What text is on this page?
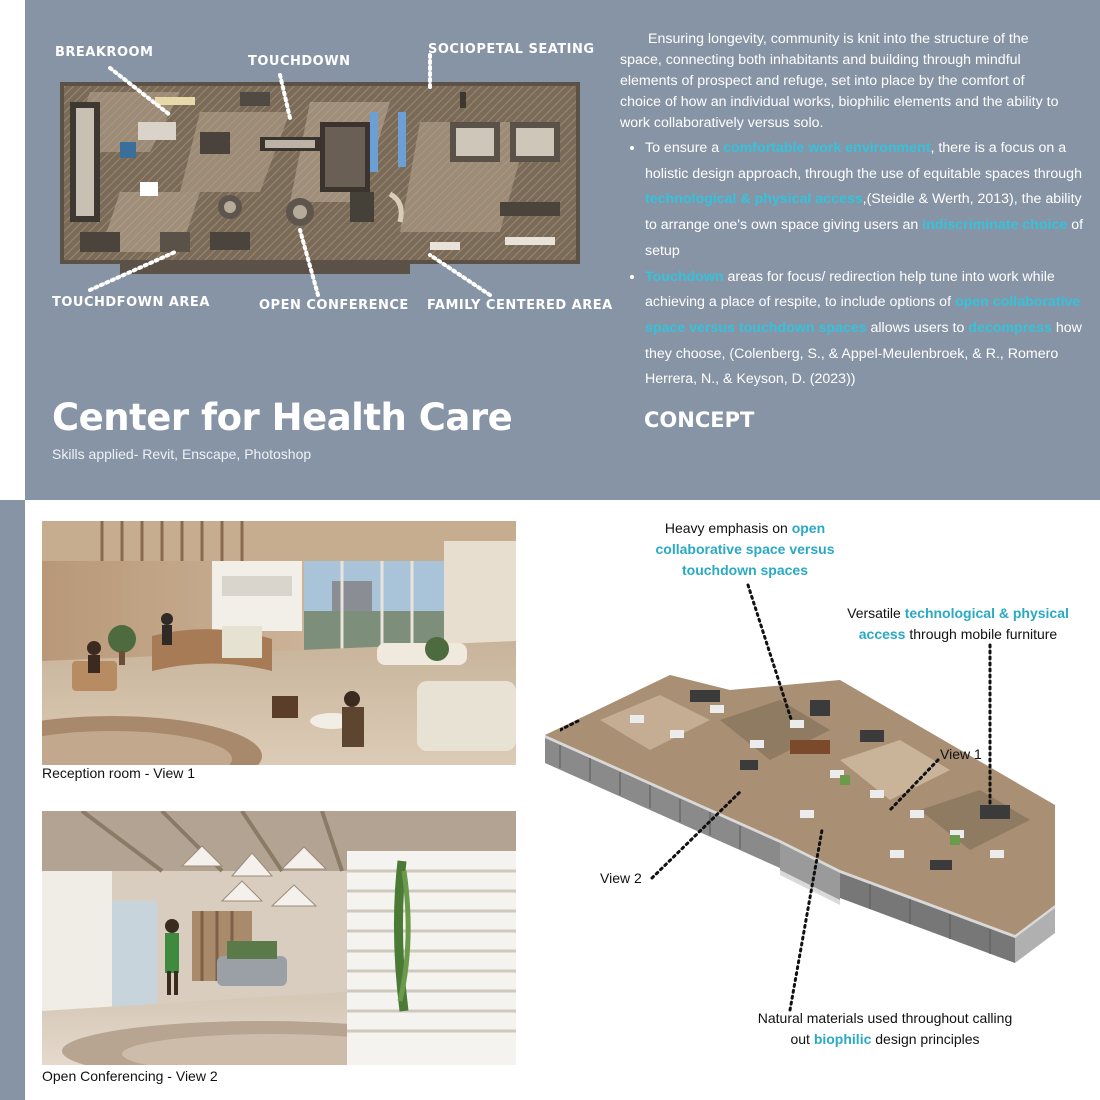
BREAKROOM
TOUCHDOWN
SOCIOPETAL SEATING
TOUCHDFOWN AREA	OPEN CONFERENCE FAMILY CENTERED AREA
Center for Health Care
Skills applied- Revit, Enscape, Photoshop

Ensuring longevity, community is knit into the structure of the space, connecting both inhabitants and building through mindful elements of prospect and refuge, set into place by the comfort of choice of how an individual works, biophilic elements and the ability to work collaboratively versus solo.

• To ensure a comfortable work environment, there is a focus on a holistic design approach, through the use of equitable spaces through technological & physical access,(Steidle & Werth, 2013), the ability to arrange one's own space giving users an indiscriminate choice of setup
• Touchdown areas for focus/ redirection help tune into work while achieving a place of respite, to include options of open collaborative space versus touchdown spaces allows users to decompress how they choose, (Colenberg, S., & Appel-Meulenbroek, & R., Romero Herrera, N., & Keyson, D. (2023))
CONCEPT
Reception room - View 1
Open Conferencing - View 2
Heavy emphasis on open collaborative space versus touchdown spaces
Versatile technological & physical access through mobile furniture
View 1
View 2
Natural materials used throughout calling out biophilic design principles
